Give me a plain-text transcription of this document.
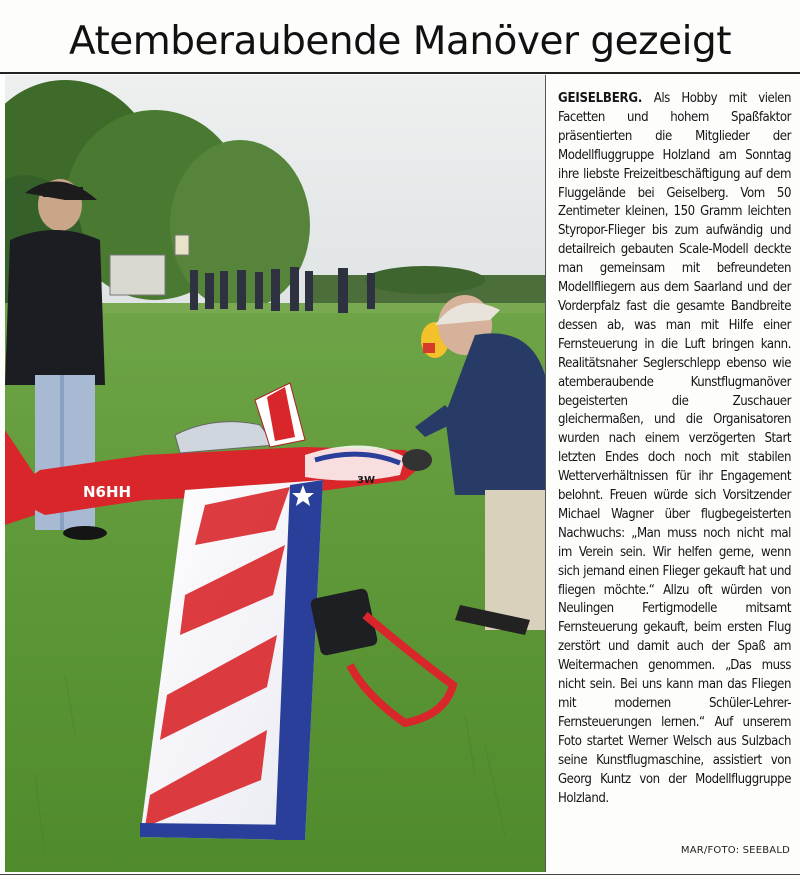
Atemberaubende Manöver gezeigt
N6HH
3W
GEISELBERG. Als Hobby mit vielen Facetten und hohem Spaßfaktor präsentierten die Mitglieder der Modellfluggruppe Holzland am Sonntag ihre liebste Freizeitbeschäftigung auf dem Fluggelände bei Geiselberg. Vom 50 Zentimeter kleinen, 150 Gramm leichten Styropor-Flieger bis zum aufwändig und detailreich gebauten Scale-Modell deckte man gemeinsam mit befreundeten Modellfliegern aus dem Saarland und der Vorderpfalz fast die gesamte Bandbreite dessen ab, was man mit Hilfe einer Fernsteuerung in die Luft bringen kann. Realitätsnaher Seglerschlepp ebenso wie atemberaubende Kunstflugmanöver begeisterten die Zuschauer gleichermaßen, und die Organisatoren wurden nach einem verzögerten Start letzten Endes doch noch mit stabilen Wetterverhältnissen für ihr Engagement belohnt. Freuen würde sich Vorsitzender Michael Wagner über flugbegeisterten Nachwuchs: „Man muss noch nicht mal im Verein sein. Wir helfen gerne, wenn sich jemand einen Flieger gekauft hat und fliegen möchte.“ Allzu oft würden von Neulingen Fertigmodelle mitsamt Fernsteuerung gekauft, beim ersten Flug zerstört und damit auch der Spaß am Weitermachen genommen. „Das muss nicht sein. Bei uns kann man das Fliegen mit modernen Schüler-Lehrer-Fernsteuerungen lernen.“ Auf unserem Foto startet Werner Welsch aus Sulzbach seine Kunstflugmaschine, assistiert von Georg Kuntz von der Modellfluggruppe Holzland.
MAR/FOTO: SEEBALD
